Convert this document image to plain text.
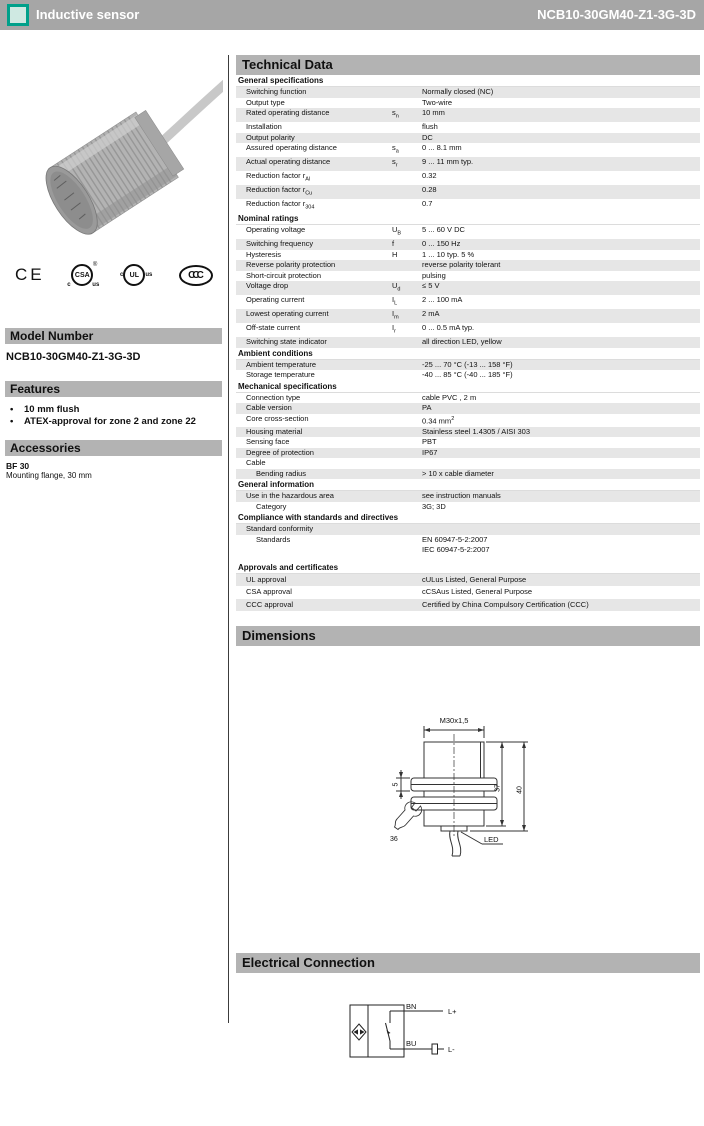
Inductive sensor	NCB10-30GM40-Z1-3G-3D
CE	CSA
®
c	us
c UL	us	CCC
Model Number
NCB10-30GM40-Z1-3G-3D
Features
• 10 mm flush
• ATEX-approval for zone 2 and zone 22
Accessories
BF 30
Mounting flange, 30 mm
Technical Data
General specifications
Switching function	Normally closed (NC)
Output type	Two-wire
Rated operating distance	$s_n$	10 mm
Installation	flush
Output polarity	DC
Assured operating distance	$s_a$	0 ... 8.1 mm
Actual operating distance	$s_r$	9 ... 11 mm typ.
Reduction factor $r_{Al}$	0.32
Reduction factor $r_{Cu}$	0.28
Reduction factor $r_{304}$	0.7
Nominal ratings
Operating voltage	$U_B$	5 ... 60 V DC
Switching frequency	f	0 ... 150 Hz
Hysteresis	H	1 ... 10 typ. 5 %
Reverse polarity protection	reverse polarity tolerant
Short-circuit protection	pulsing
Voltage drop	$U_d$	≤ 5 V
Operating current	$I_L$	2 ... 100 mA
Lowest operating current	$I_m$	2 mA
Off-state current	$I_r$	0 ... 0.5 mA typ.
Switching state indicator	all direction LED, yellow
Ambient conditions
Ambient temperature	-25 ... 70 °C (-13 ... 158 °F)
Storage temperature	-40 ... 85 °C (-40 ... 185 °F)
Mechanical specifications
Connection type	cable PVC , 2 m
Cable version	PA
Core cross-section	0.34 $mm^2$
Housing material	Stainless steel 1.4305 / AISI 303
Sensing face	PBT
Degree of protection	IP67
Cable
Bending radius	> 10 x cable diameter
General information
Use in the hazardous area	see instruction manuals
Category	3G; 3D
Compliance with standards and directives
Standard conformity
Standards	EN 60947-5-2:2007
IEC 60947-5-2:2007
Approvals and certificates
UL approval	cULus Listed, General Purpose
CSA approval	cCSAus Listed, General Purpose
CCC approval	Certified by China Compulsory Certification (CCC)
Dimensions
M30x1,5
37 40
5
36	LED
Electrical Connection
BN
L+
BU
L-
